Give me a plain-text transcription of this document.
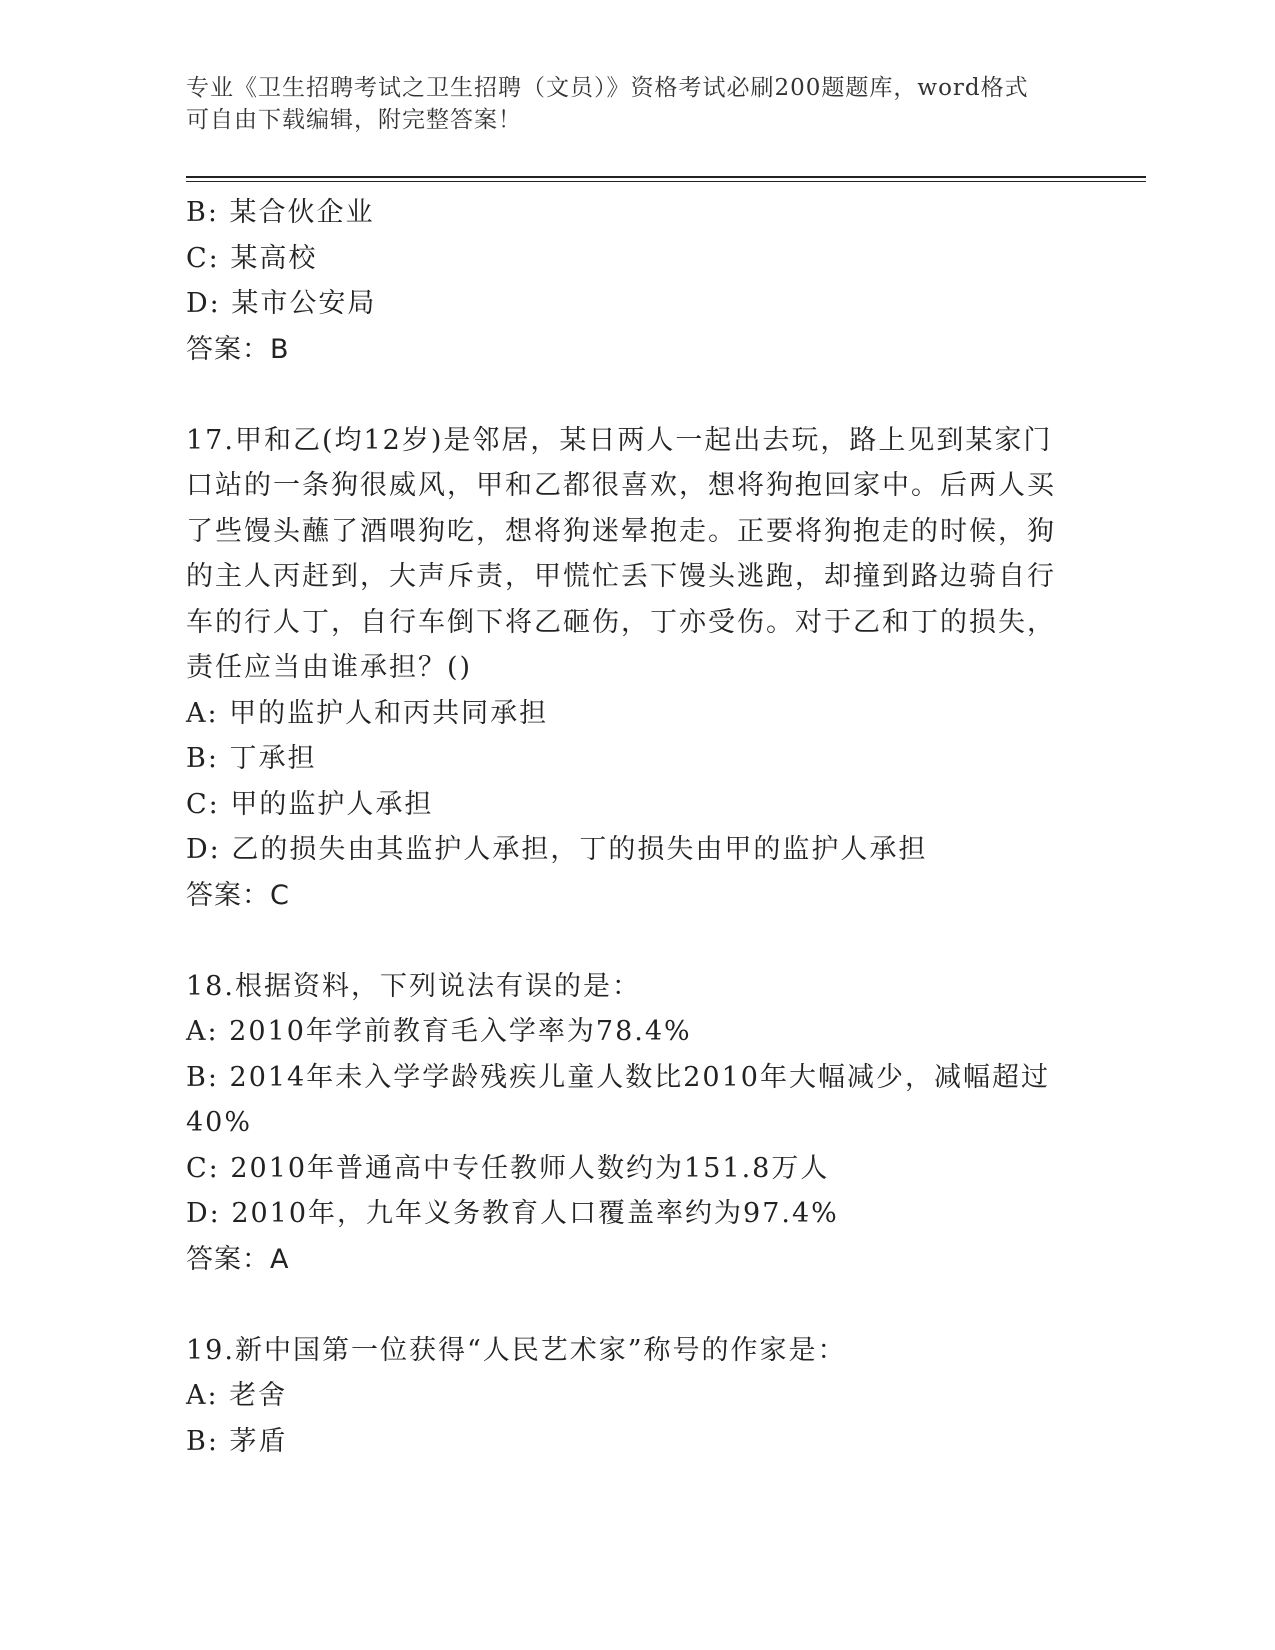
专业《卫生招聘考试之卫生招聘（文员）》资格考试必刷200题题库，word格式
可自由下载编辑，附完整答案！

B: 某合伙企业

C: 某高校

D: 某市公安局

答案：B

17.甲和乙(均12岁)是邻居，某日两人一起出去玩，路上见到某家门

口站的一条狗很威风，甲和乙都很喜欢，想将狗抱回家中。后两人买

了些馒头蘸了酒喂狗吃，想将狗迷晕抱走。正要将狗抱走的时候，狗

的主人丙赶到，大声斥责，甲慌忙丢下馒头逃跑，却撞到路边骑自行

车的行人丁，自行车倒下将乙砸伤，丁亦受伤。对于乙和丁的损失，

责任应当由谁承担？()

A: 甲的监护人和丙共同承担

B: 丁承担

C: 甲的监护人承担

D: 乙的损失由其监护人承担，丁的损失由甲的监护人承担

答案：C

18.根据资料，下列说法有误的是：

A: 2010年学前教育毛入学率为78.4%

B: 2014年未入学学龄残疾儿童人数比2010年大幅减少，减幅超过

40%

C: 2010年普通高中专任教师人数约为151.8万人

D: 2010年，九年义务教育人口覆盖率约为97.4%

答案：A

19.新中国第一位获得“人民艺术家”称号的作家是：

A: 老舍

B: 茅盾
